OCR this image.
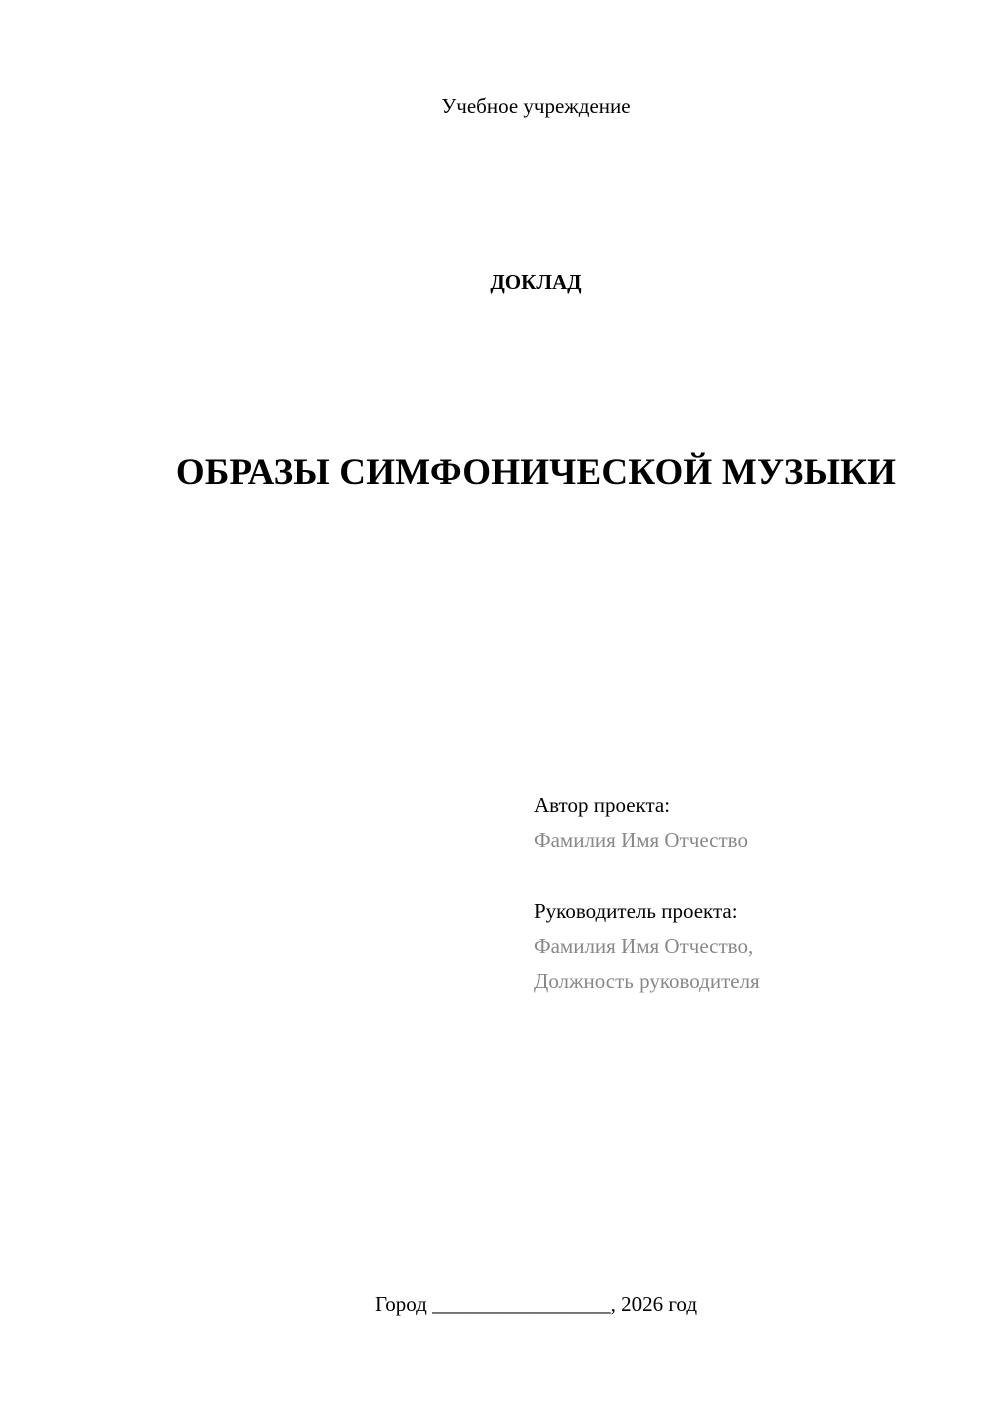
Учебное учреждение
ДОКЛАД
ОБРАЗЫ СИМФОНИЧЕСКОЙ МУЗЫКИ
Автор проекта:
Фамилия Имя Отчество
Руководитель проекта:
Фамилия Имя Отчество,
Должность руководителя
Город _________________, 2026 год
